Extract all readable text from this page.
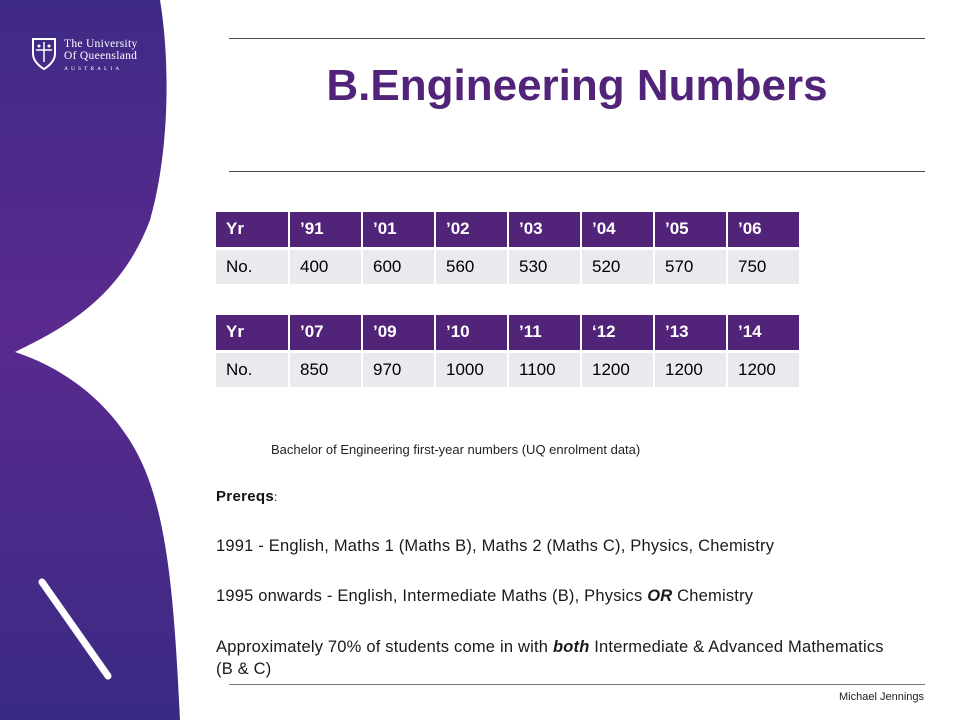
The University
Of Queensland
AUSTRALIA	B.Engineering Numbers
Yr	’91	’01	’02	’03	’04	’05	’06
No.	400	600	560	530	520	570	750
Yr	’07	’09	’10	’11	‘12	’13	’14
No.	850	970	1000	1100	1200	1200	1200
Bachelor of Engineering first-year numbers (UQ enrolment data)
Prereqs:
1991 - English, Maths 1 (Maths B), Maths 2 (Maths C), Physics, Chemistry
1995 onwards - English, Intermediate Maths (B), Physics OR Chemistry
Approximately 70% of students come in with both Intermediate & Advanced Mathematics (B & C)
Michael Jennings
